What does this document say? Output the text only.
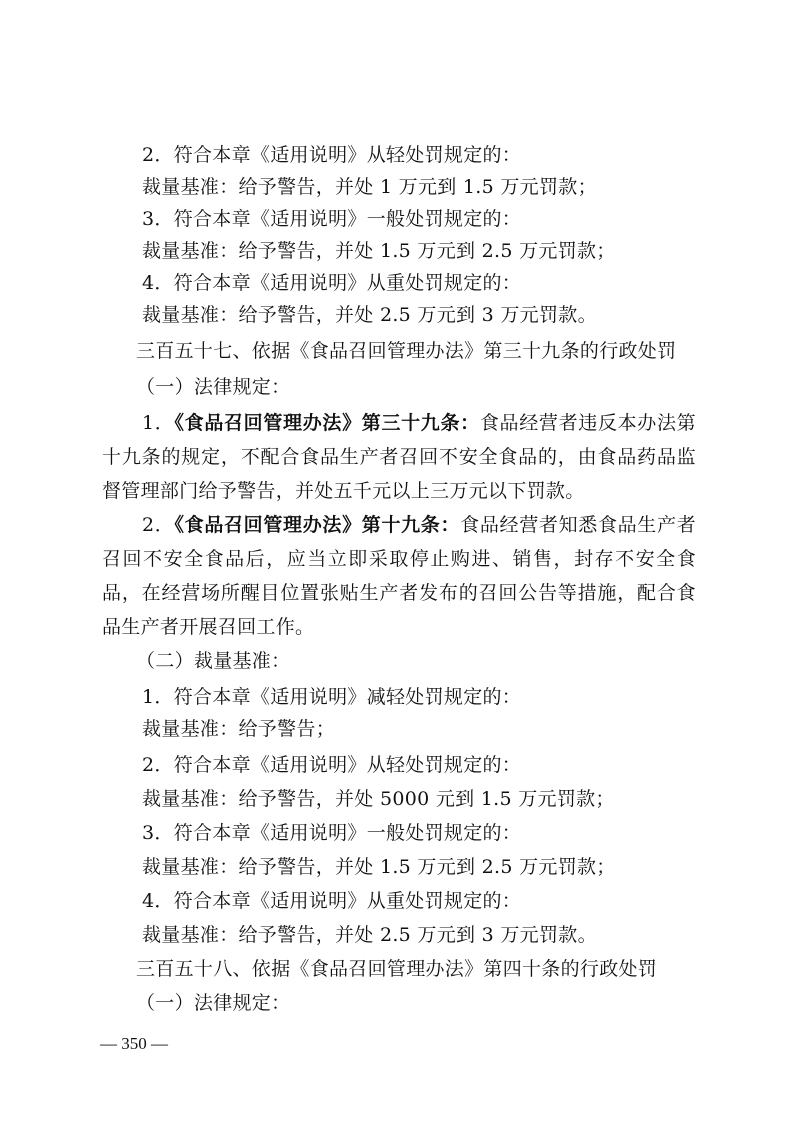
2．符合本章《适用说明》从轻处罚规定的：
裁量基准：给予警告，并处 1 万元到 1.5 万元罚款；
3．符合本章《适用说明》一般处罚规定的：
裁量基准：给予警告，并处 1.5 万元到 2.5 万元罚款；
4．符合本章《适用说明》从重处罚规定的：
裁量基准：给予警告，并处 2.5 万元到 3 万元罚款。
三百五十七、依据《食品召回管理办法》第三十九条的行政处罚
（一）法律规定：
1．《食品召回管理办法》第三十九条：食品经营者违反本办法第十九条的规定，不配合食品生产者召回不安全食品的，由食品药品监督管理部门给予警告，并处五千元以上三万元以下罚款。
2．《食品召回管理办法》第十九条：食品经营者知悉食品生产者召回不安全食品后，应当立即采取停止购进、销售，封存不安全食品，在经营场所醒目位置张贴生产者发布的召回公告等措施，配合食品生产者开展召回工作。
（二）裁量基准：
1．符合本章《适用说明》减轻处罚规定的：
裁量基准：给予警告；
2．符合本章《适用说明》从轻处罚规定的：
裁量基准：给予警告，并处 5000 元到 1.5 万元罚款；
3．符合本章《适用说明》一般处罚规定的：
裁量基准：给予警告，并处 1.5 万元到 2.5 万元罚款；
4．符合本章《适用说明》从重处罚规定的：
裁量基准：给予警告，并处 2.5 万元到 3 万元罚款。
三百五十八、依据《食品召回管理办法》第四十条的行政处罚
（一）法律规定：
— 350 —
